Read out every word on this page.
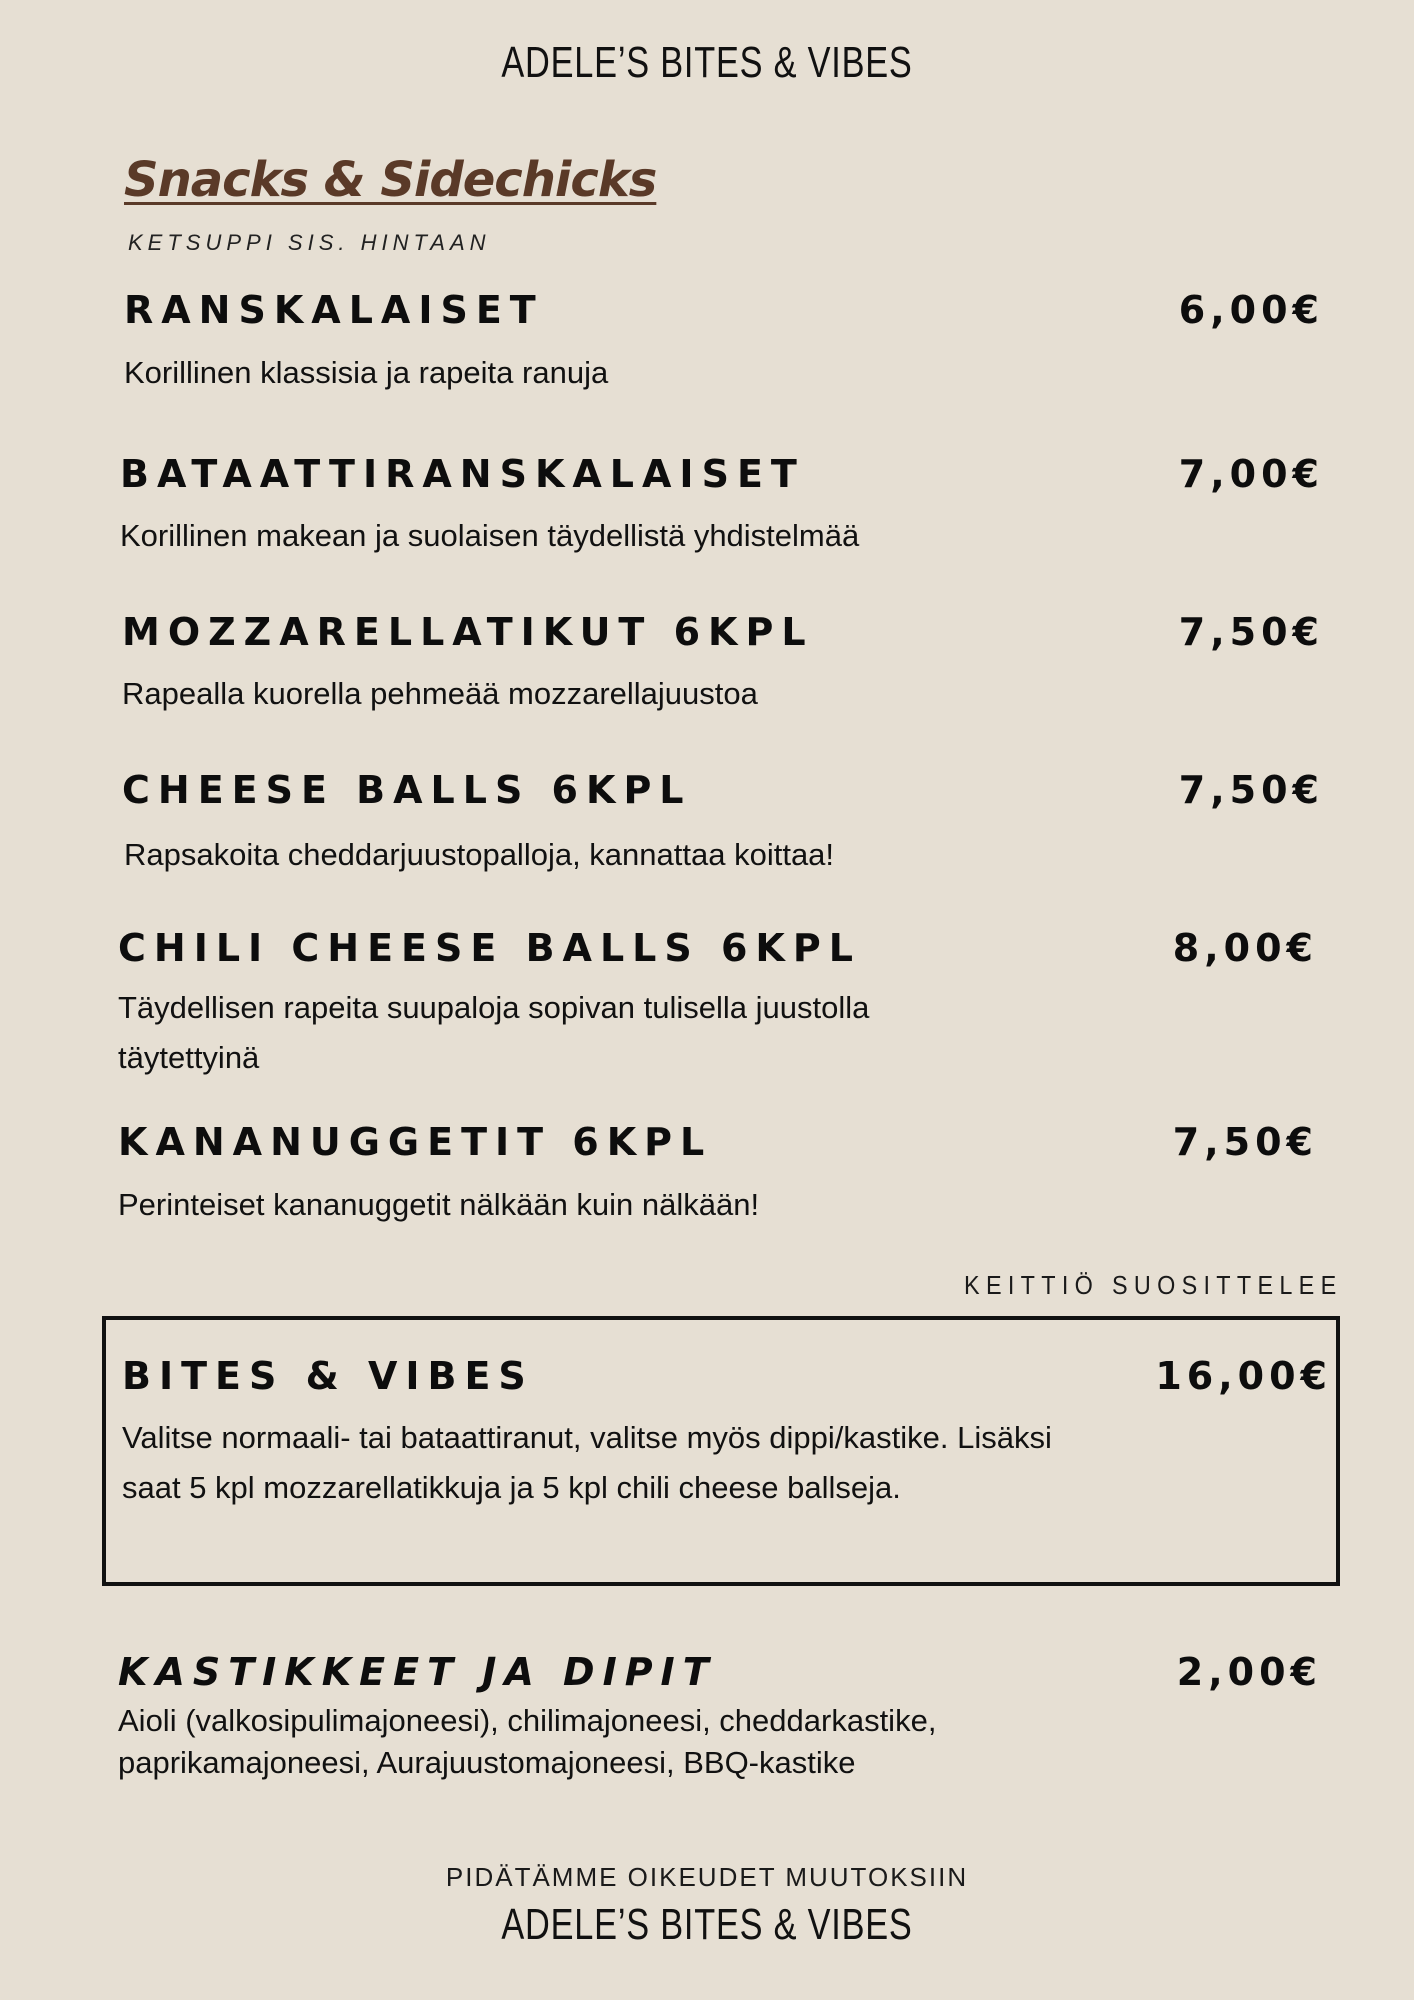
ADELE’S BITES & VIBES
Snacks & Sidechicks
KETSUPPI SIS. HINTAAN
RANSKALAISET	6,00€
Korillinen klassisia ja rapeita ranuja
BATAATTIRANSKALAISET	7,00€
Korillinen makean ja suolaisen täydellistä yhdistelmää
MOZZARELLATIKUT 6KPL	7,50€
Rapealla kuorella pehmeää mozzarellajuustoa
CHEESE BALLS 6KPL	7,50€
Rapsakoita cheddarjuustopalloja, kannattaa koittaa!
CHILI CHEESE BALLS 6KPL	8,00€
Täydellisen rapeita suupaloja sopivan tulisella juustolla täytettyinä
KANANUGGETIT 6KPL	7,50€
Perinteiset kananuggetit nälkään kuin nälkään!
KEITTIÖ SUOSITTELEE
BITES & VIBES	16,00€
Valitse normaali- tai bataattiranut, valitse myös dippi/kastike. Lisäksi saat 5 kpl mozzarellatikkuja ja 5 kpl chili cheese ballseja.
KASTIKKEET JA DIPIT	2,00€
Aioli (valkosipulimajoneesi), chilimajoneesi, cheddarkastike, paprikamajoneesi, Aurajuustomajoneesi, BBQ-kastike
PIDÄTÄMME OIKEUDET MUUTOKSIIN
ADELE’S BITES & VIBES
